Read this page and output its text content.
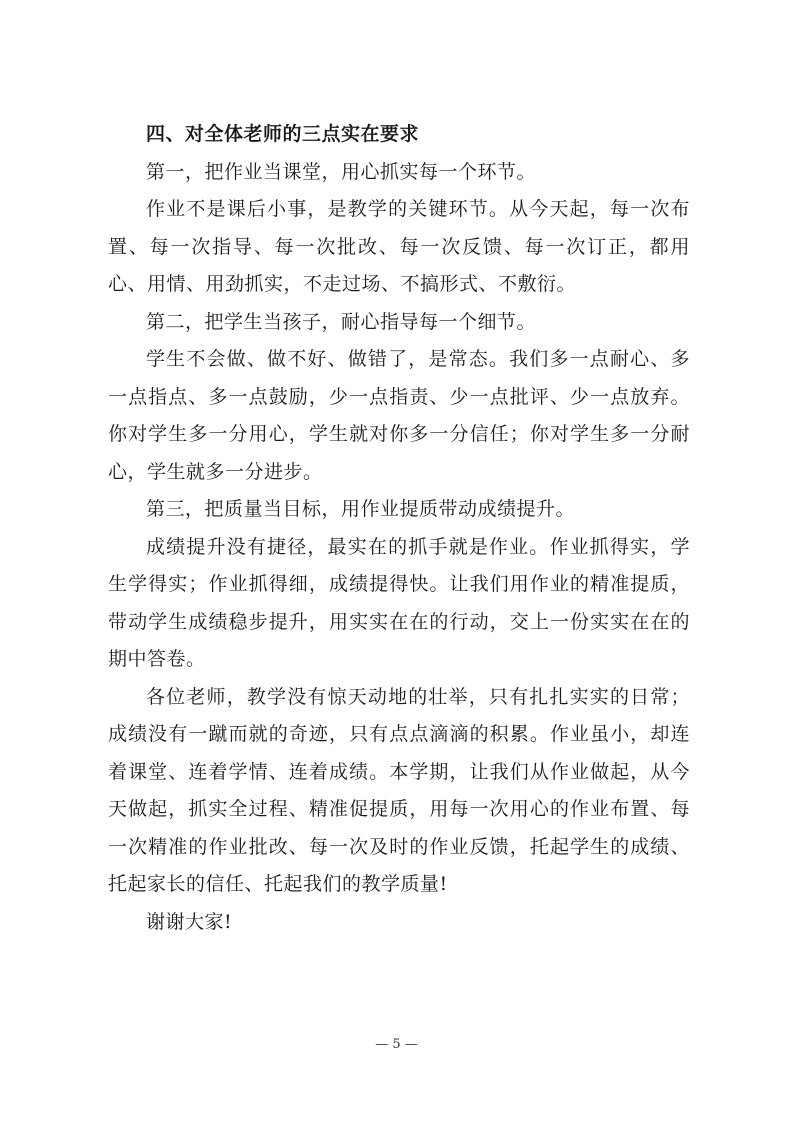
四、对全体老师的三点实在要求

第一，把作业当课堂，用心抓实每一个环节。

作业不是课后小事，是教学的关键环节。从今天起，每一次布置、每一次指导、每一次批改、每一次反馈、每一次订正，都用心、用情、用劲抓实，不走过场、不搞形式、不敷衍。

第二，把学生当孩子，耐心指导每一个细节。

学生不会做、做不好、做错了，是常态。我们多一点耐心、多一点指点、多一点鼓励，少一点指责、少一点批评、少一点放弃。你对学生多一分用心，学生就对你多一分信任；你对学生多一分耐心，学生就多一分进步。

第三，把质量当目标，用作业提质带动成绩提升。

成绩提升没有捷径，最实在的抓手就是作业。作业抓得实，学生学得实；作业抓得细，成绩提得快。让我们用作业的精准提质，带动学生成绩稳步提升，用实实在在的行动，交上一份实实在在的期中答卷。

各位老师，教学没有惊天动地的壮举，只有扎扎实实的日常；成绩没有一蹴而就的奇迹，只有点点滴滴的积累。作业虽小，却连着课堂、连着学情、连着成绩。本学期，让我们从作业做起，从今天做起，抓实全过程、精准促提质，用每一次用心的作业布置、每一次精准的作业批改、每一次及时的作业反馈，托起学生的成绩、托起家长的信任、托起我们的教学质量!

谢谢大家!

— 5 —
